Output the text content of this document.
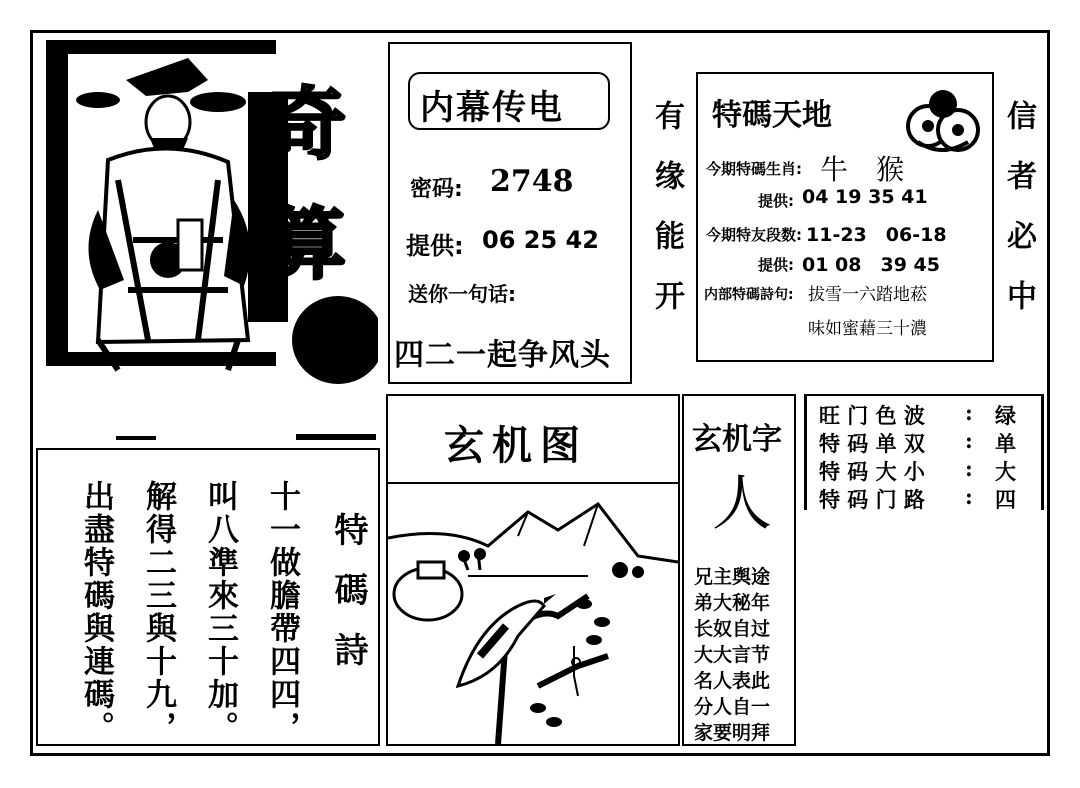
奇
算
内幕传电
密码: 2748
提供: 06 25 42
送你一句话:
四二一起争风头
有缘能开
信者必中
特碼天地
今期特碼生肖: 牛　猴
提供: 04 19 35 41
今期特友段数: 11-23　06-18
提供: 01 08　39 45
内部特碼詩句: 拔雪一六踏地菘
味如蜜藉三十濃
特碼詩
十一做膽帶四四，
叫八準來三十加。
解得二三與十九，
出盡特碼與連碼。
玄机图	玄机字
人
兄主舆途
弟大秘年
长奴自过
大大言节
名人表此
分人自一
家要明拜
旺 门 色 波 : 绿
特 码 单 双 : 单
特 码 大 小 : 大
特 码 门 路 : 四
